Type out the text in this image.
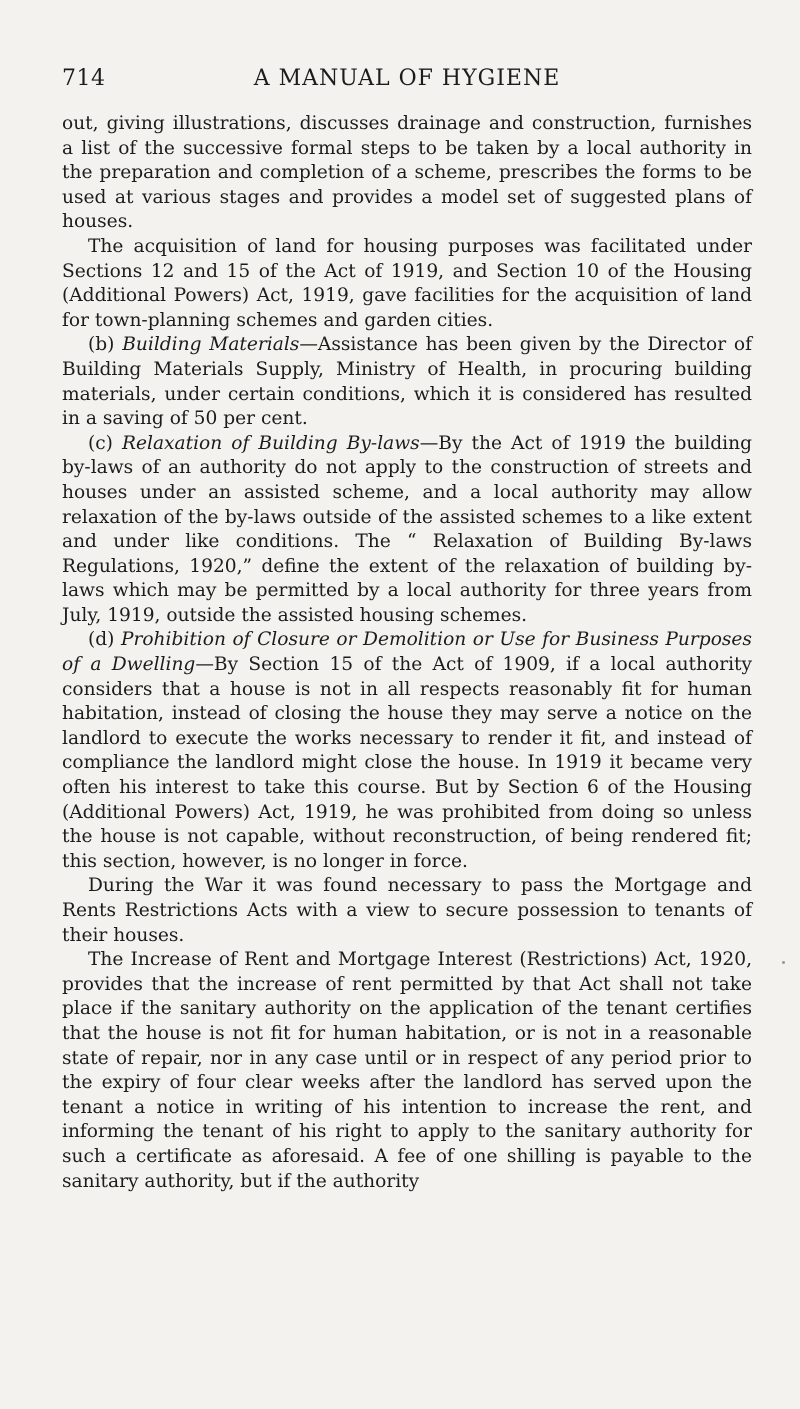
714	A MANUAL OF HYGIENE

out, giving illustrations, discusses drainage and construction, furnishes a list of the successive formal steps to be taken by a local authority in the preparation and completion of a scheme, prescribes the forms to be used at various stages and provides a model set of suggested plans of houses.

The acquisition of land for housing purposes was facilitated under Sections 12 and 15 of the Act of 1919, and Section 10 of the Housing (Additional Powers) Act, 1919, gave facilities for the acquisition of land for town-planning schemes and garden cities.

(b) Building Materials—Assistance has been given by the Director of Building Materials Supply, Ministry of Health, in procuring building materials, under certain conditions, which it is considered has resulted in a saving of 50 per cent.

(c) Relaxation of Building By-laws—By the Act of 1919 the building by-laws of an authority do not apply to the construction of streets and houses under an assisted scheme, and a local authority may allow relaxation of the by-laws outside of the assisted schemes to a like extent and under like conditions. The “ Relaxation of Building By-laws Regulations, 1920,” define the extent of the relaxation of building by-laws which may be permitted by a local authority for three years from July, 1919, outside the assisted housing schemes.

(d) Prohibition of Closure or Demolition or Use for Business Purposes of a Dwelling—By Section 15 of the Act of 1909, if a local authority considers that a house is not in all respects reasonably fit for human habitation, instead of closing the house they may serve a notice on the landlord to execute the works necessary to render it fit, and instead of compliance the landlord might close the house. In 1919 it became very often his interest to take this course. But by Section 6 of the Housing (Additional Powers) Act, 1919, he was prohibited from doing so unless the house is not capable, without reconstruction, of being rendered fit; this section, however, is no longer in force.

During the War it was found necessary to pass the Mortgage and Rents Restrictions Acts with a view to secure possession to tenants of their houses.

The Increase of Rent and Mortgage Interest (Restrictions) Act, 1920, provides that the increase of rent permitted by that Act shall not take place if the sanitary authority on the application of the tenant certifies that the house is not fit for human habitation, or is not in a reasonable state of repair, nor in any case until or in respect of any period prior to the expiry of four clear weeks after the landlord has served upon the tenant a notice in writing of his intention to increase the rent, and informing the tenant of his right to apply to the sanitary authority for such a certificate as aforesaid. A fee of one shilling is payable to the sanitary authority, but if the authority
